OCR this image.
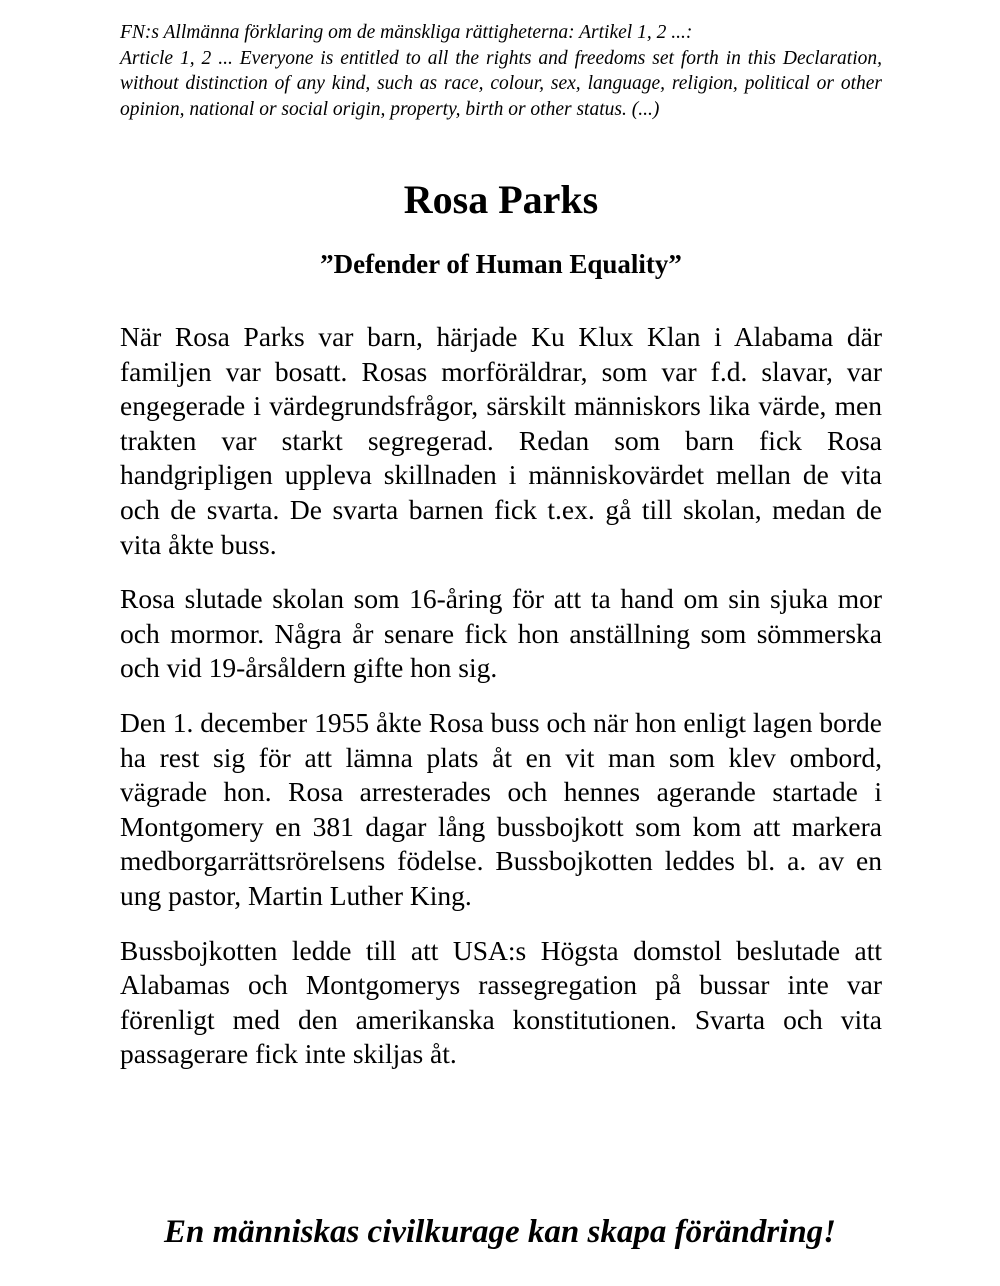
FN:s Allmänna förklaring om de mänskliga rättigheterna: Artikel 1, 2 ...:

Article 1, 2 ... Everyone is entitled to all the rights and freedoms set forth in this Declaration, without distinction of any kind, such as race, colour, sex, language, religion, political or other opinion, national or social origin, property, birth or other status. (...)

Rosa Parks
”Defender of Human Equality”

När Rosa Parks var barn, härjade Ku Klux Klan i Alabama där familjen var bosatt. Rosas morföräldrar, som var f.d. slavar, var engegerade i värdegrundsfrågor, särskilt människors lika värde, men trakten var starkt segregerad. Redan som barn fick Rosa handgripligen uppleva skillnaden i människovärdet mellan de vita och de svarta. De svarta barnen fick t.ex. gå till skolan, medan de vita åkte buss.

Rosa slutade skolan som 16-åring för att ta hand om sin sjuka mor och mormor. Några år senare fick hon anställning som sömmerska och vid 19-årsåldern gifte hon sig.

Den 1. december 1955 åkte Rosa buss och när hon enligt lagen borde ha rest sig för att lämna plats åt en vit man som klev ombord, vägrade hon. Rosa arresterades och hennes agerande startade i Montgomery en 381 dagar lång bussbojkott som kom att markera medborgarrättsrörelsens födelse. Bussbojkotten leddes bl. a. av en ung pastor, Martin Luther King.

Bussbojkotten ledde till att USA:s Högsta domstol beslutade att Alabamas och Montgomerys rassegregation på bussar inte var förenligt med den amerikanska konstitutionen. Svarta och vita passagerare fick inte skiljas åt.

En människas civilkurage kan skapa förändring!
